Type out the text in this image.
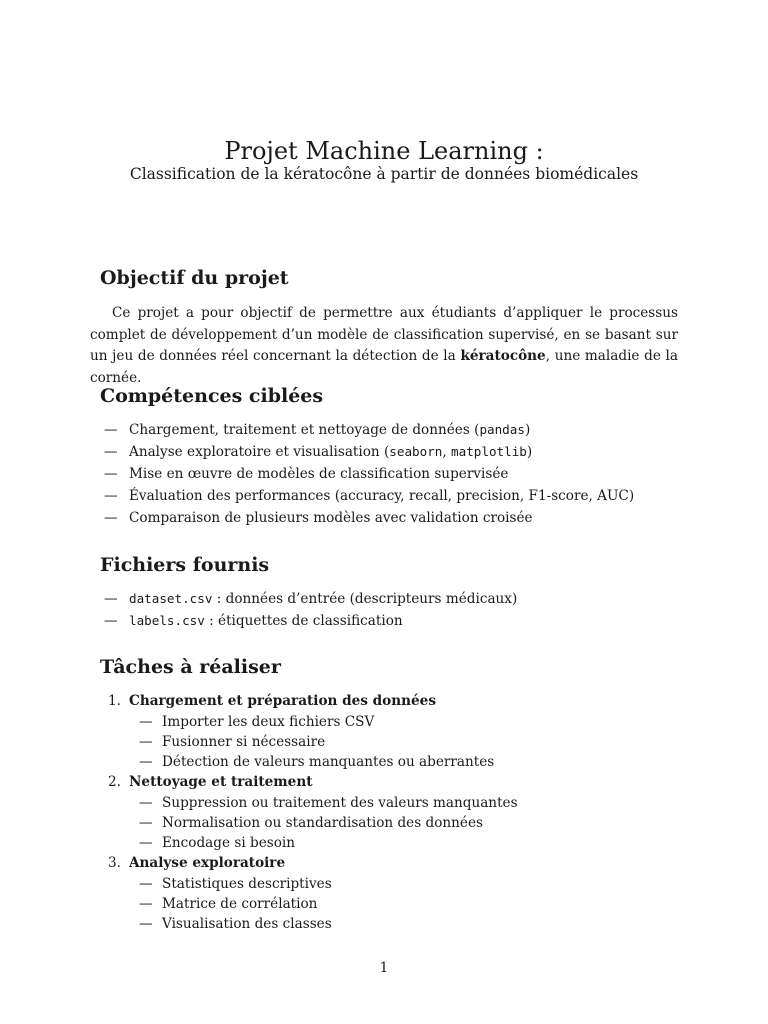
Projet Machine Learning :
Classification de la kératocône à partir de données biomédicales
Objectif du projet
Ce projet a pour objectif de permettre aux étudiants d’appliquer le processus complet de développement d’un modèle de classification supervisé, en se basant sur un jeu de données réel concernant la détection de la kératocône, une maladie de la cornée.
Compétences ciblées
— Chargement, traitement et nettoyage de données (pandas)
— Analyse exploratoire et visualisation (seaborn, matplotlib)
— Mise en œuvre de modèles de classification supervisée
— Évaluation des performances (accuracy, recall, precision, F1-score, AUC)
— Comparaison de plusieurs modèles avec validation croisée
Fichiers fournis
— dataset.csv : données d’entrée (descripteurs médicaux)
— labels.csv : étiquettes de classification
Tâches à réaliser
1. Chargement et préparation des données
— Importer les deux fichiers CSV
— Fusionner si nécessaire
— Détection de valeurs manquantes ou aberrantes
2. Nettoyage et traitement
— Suppression ou traitement des valeurs manquantes
— Normalisation ou standardisation des données
— Encodage si besoin
3. Analyse exploratoire
— Statistiques descriptives
— Matrice de corrélation
— Visualisation des classes
1
